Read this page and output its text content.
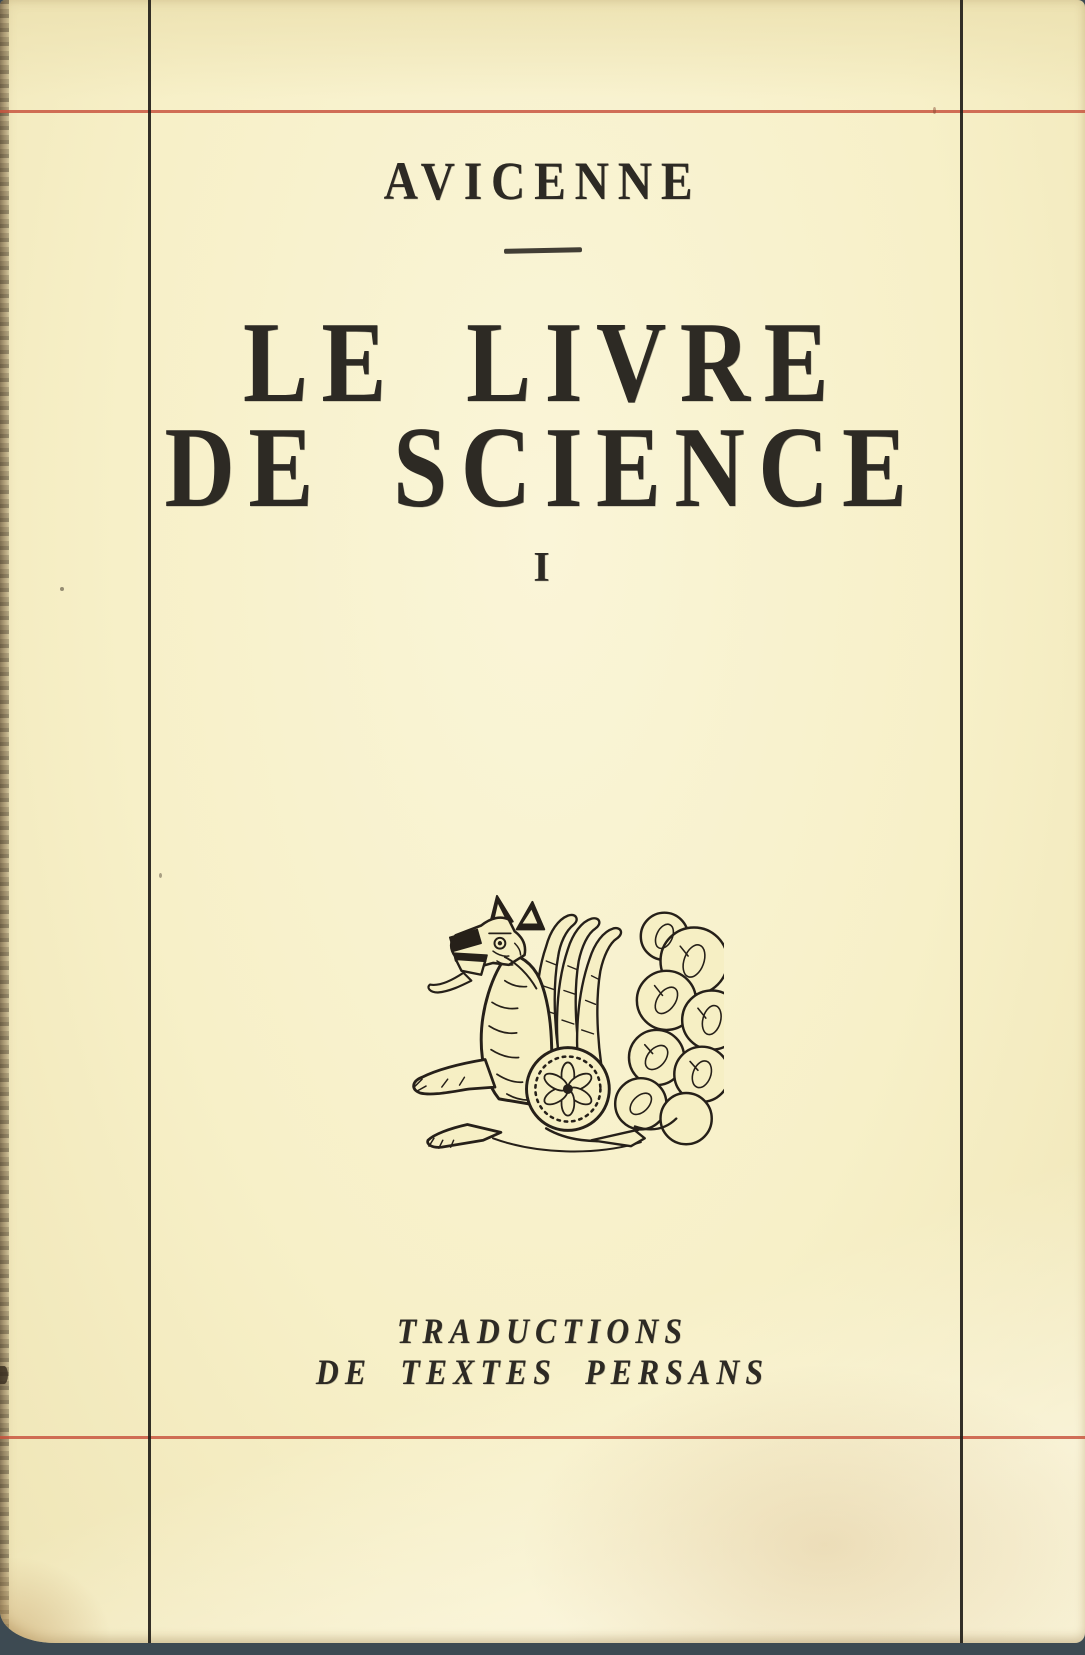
AVICENNE
LE LIVRE
DE SCIENCE
I
TRADUCTIONS
DE TEXTES PERSANS
